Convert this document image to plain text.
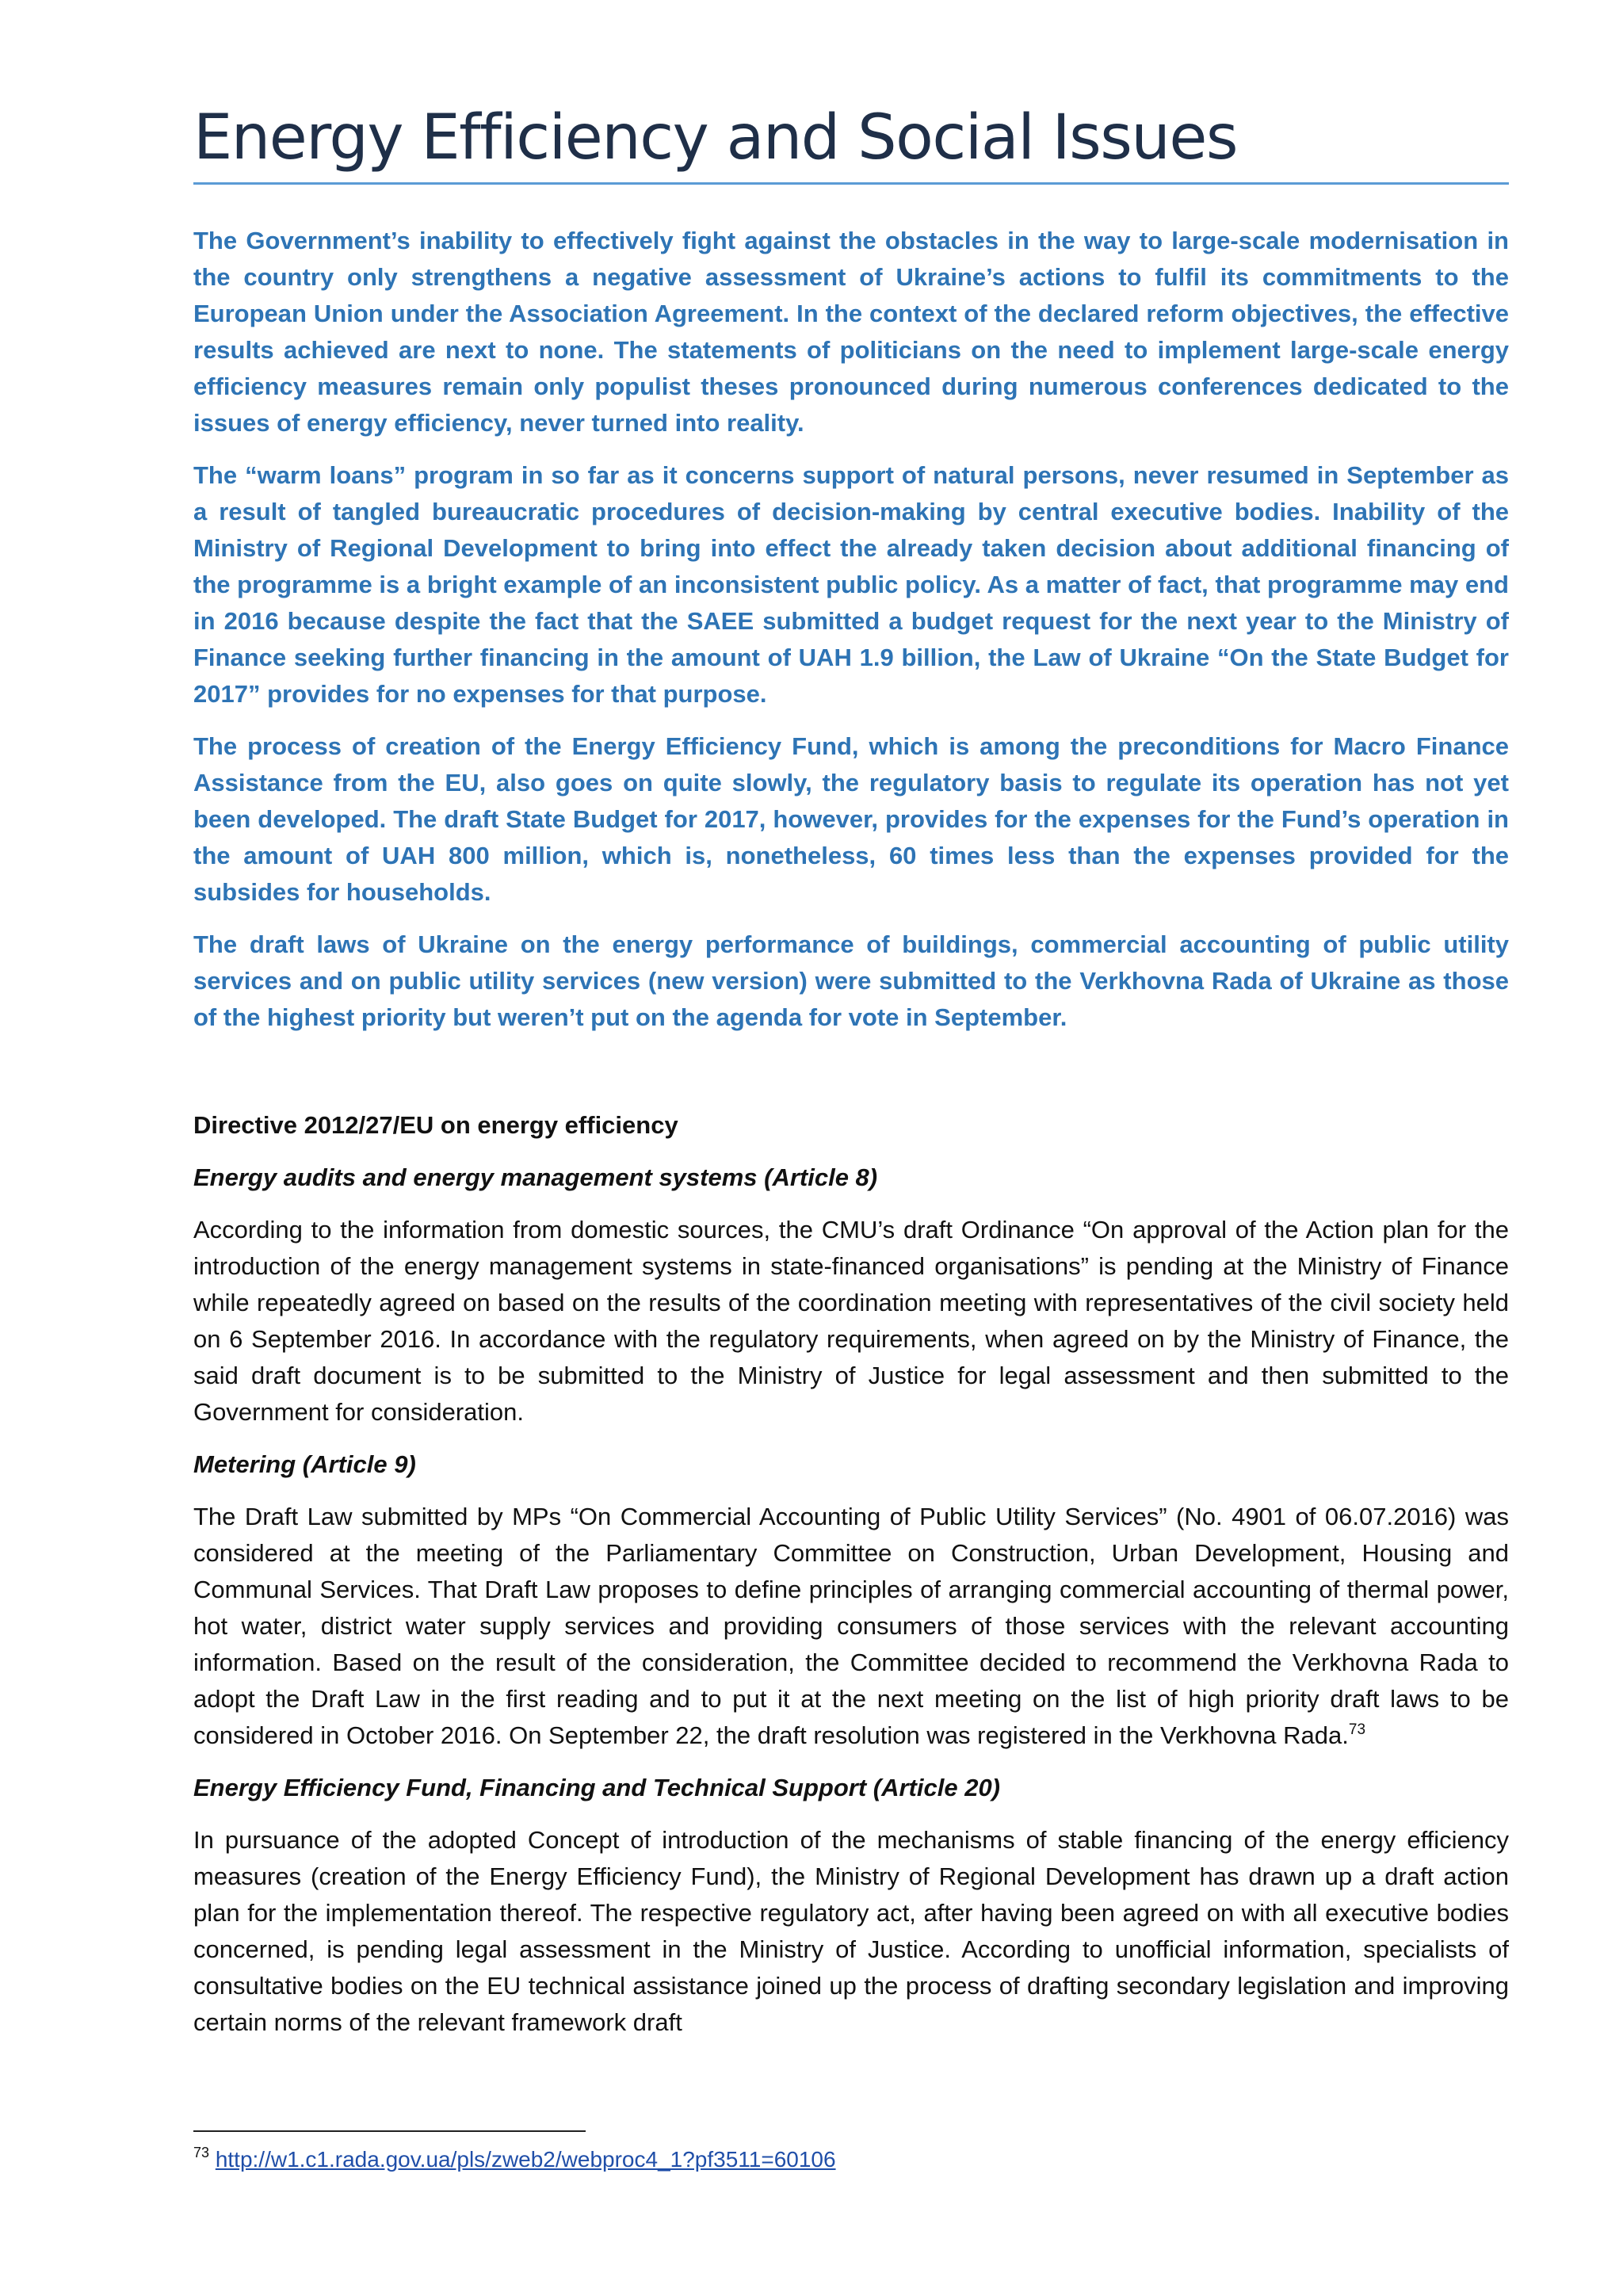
Energy Efficiency and Social Issues

The Government’s inability to effectively fight against the obstacles in the way to large-scale modernisation in the country only strengthens a negative assessment of Ukraine’s actions to fulfil its commitments to the European Union under the Association Agreement. In the context of the declared reform objectives, the effective results achieved are next to none. The statements of politicians on the need to implement large-scale energy efficiency measures remain only populist theses pronounced during numerous conferences dedicated to the issues of energy efficiency, never turned into reality.

The “warm loans” program in so far as it concerns support of natural persons, never resumed in September as a result of tangled bureaucratic procedures of decision-making by central executive bodies. Inability of the Ministry of Regional Development to bring into effect the already taken decision about additional financing of the programme is a bright example of an inconsistent public policy. As a matter of fact, that programme may end in 2016 because despite the fact that the SAEE submitted a budget request for the next year to the Ministry of Finance seeking further financing in the amount of UAH 1.9 billion, the Law of Ukraine “On the State Budget for 2017” provides for no expenses for that purpose.

The process of creation of the Energy Efficiency Fund, which is among the preconditions for Macro Finance Assistance from the EU, also goes on quite slowly, the regulatory basis to regulate its operation has not yet been developed. The draft State Budget for 2017, however, provides for the expenses for the Fund’s operation in the amount of UAH 800 million, which is, nonetheless, 60 times less than the expenses provided for the subsides for households.

The draft laws of Ukraine on the energy performance of buildings, commercial accounting of public utility services and on public utility services (new version) were submitted to the Verkhovna Rada of Ukraine as those of the highest priority but weren’t put on the agenda for vote in September.

Directive 2012/27/EU on energy efficiency
Energy audits and energy management systems (Article 8)

According to the information from domestic sources, the CMU’s draft Ordinance “On approval of the Action plan for the introduction of the energy management systems in state-financed organisations” is pending at the Ministry of Finance while repeatedly agreed on based on the results of the coordination meeting with representatives of the civil society held on 6 September 2016. In accordance with the regulatory requirements, when agreed on by the Ministry of Finance, the said draft document is to be submitted to the Ministry of Justice for legal assessment and then submitted to the Government for consideration.

Metering (Article 9)

The Draft Law submitted by MPs “On Commercial Accounting of Public Utility Services” (No. 4901 of 06.07.2016) was considered at the meeting of the Parliamentary Committee on Construction, Urban Development, Housing and Communal Services. That Draft Law proposes to define principles of arranging commercial accounting of thermal power, hot water, district water supply services and providing consumers of those services with the relevant accounting information. Based on the result of the consideration, the Committee decided to recommend the Verkhovna Rada to adopt the Draft Law in the first reading and to put it at the next meeting on the list of high priority draft laws to be considered in October 2016. On September 22, the draft resolution was registered in the Verkhovna Rada.$^{73}$

Energy Efficiency Fund, Financing and Technical Support (Article 20)

In pursuance of the adopted Concept of introduction of the mechanisms of stable financing of the energy efficiency measures (creation of the Energy Efficiency Fund), the Ministry of Regional Development has drawn up a draft action plan for the implementation thereof. The respective regulatory act, after having been agreed on with all executive bodies concerned, is pending legal assessment in the Ministry of Justice. According to unofficial information, specialists of consultative bodies on the EU technical assistance joined up the process of drafting secondary legislation and improving certain norms of the relevant framework draft

$^{73}$ http://w1.c1.rada.gov.ua/pls/zweb2/webproc4_1?pf3511=60106
